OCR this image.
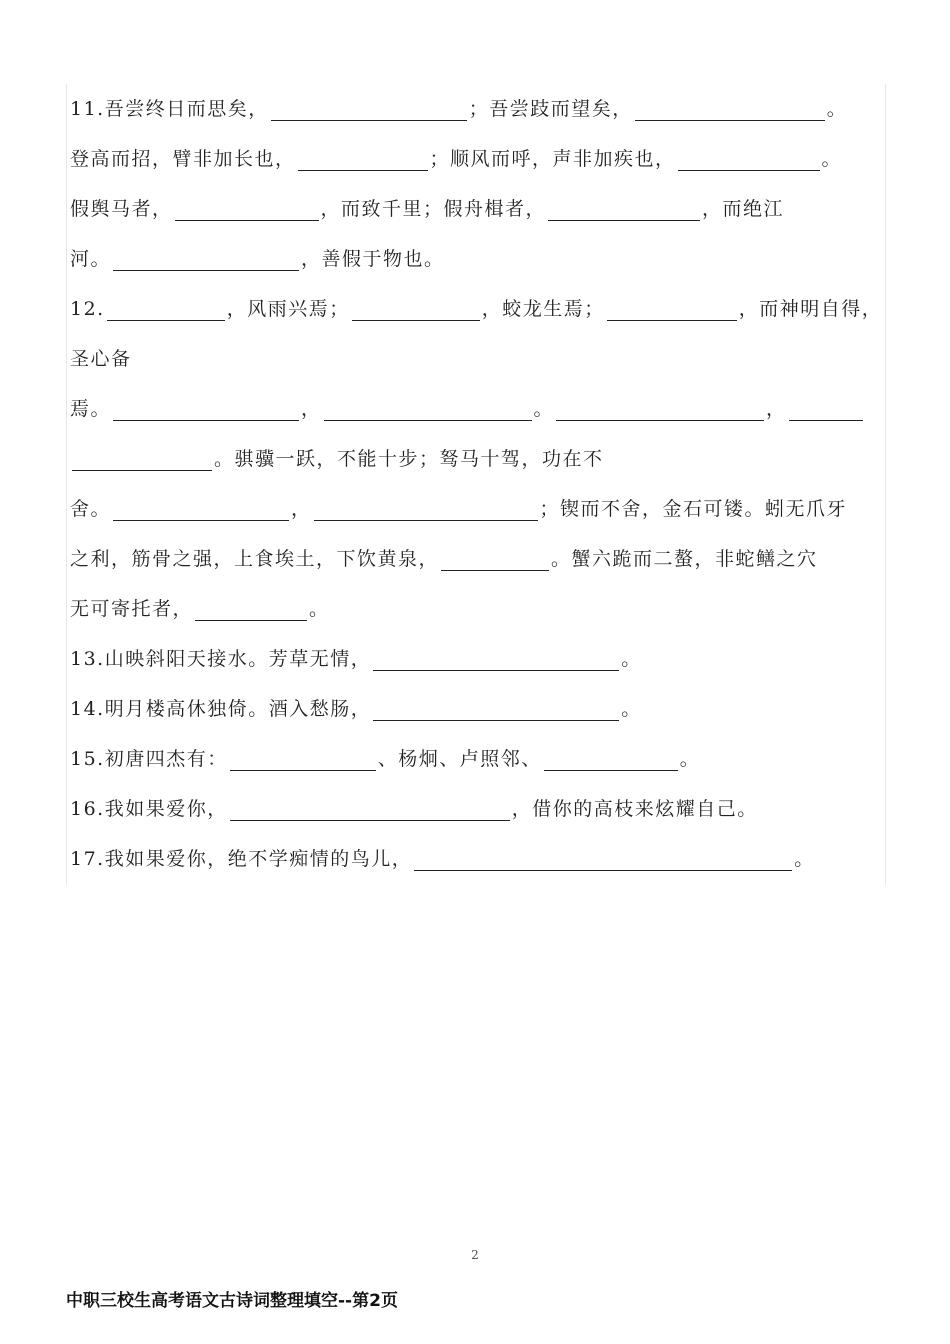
11.吾尝终日而思矣，	；吾尝跂而望矣，	。
登高而招，臂非加长也，	；顺风而呼，声非加疾也，	。
假舆马者，	，而致千里；假舟楫者，	，而绝江
河。	，善假于物也。
12.	，风雨兴焉；	，蛟龙生焉；	，而神明自得，
圣心备
焉。	，	。	，
。骐骥一跃，不能十步；驽马十驾，功在不
舍。	，	；锲而不舍，金石可镂。蚓无爪牙
之利，筋骨之强，上食埃土，下饮黄泉，	。蟹六跪而二螯，非蛇鳝之穴
无可寄托者，	。
13.山映斜阳天接水。芳草无情，	。
14.明月楼高休独倚。酒入愁肠，	。
15.初唐四杰有：	、杨炯、卢照邻、	。
16.我如果爱你，	，借你的高枝来炫耀自己。
17.我如果爱你，绝不学痴情的鸟儿，	。
2
中职三校生高考语文古诗词整理填空--第2页
